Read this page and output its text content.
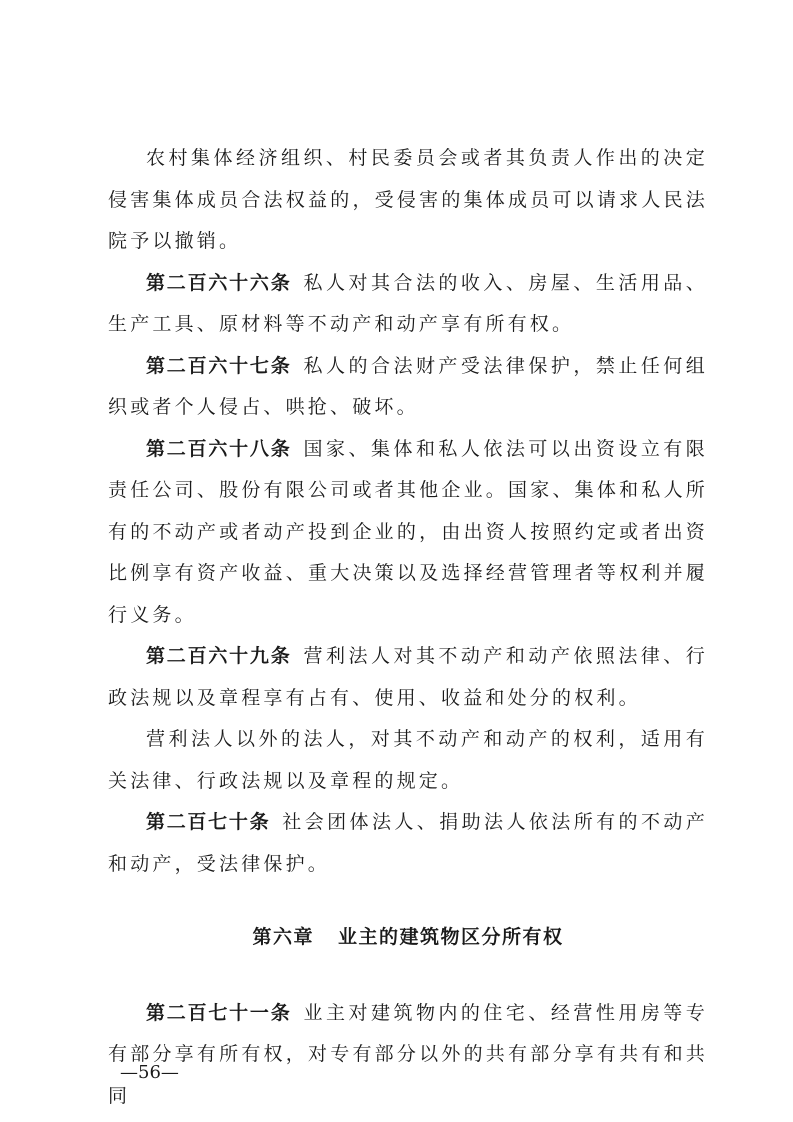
农村集体经济组织、村民委员会或者其负责人作出的决定侵害集体成员合法权益的，受侵害的集体成员可以请求人民法院予以撤销。

第二百六十六条 私人对其合法的收入、房屋、生活用品、生产工具、原材料等不动产和动产享有所有权。

第二百六十七条 私人的合法财产受法律保护，禁止任何组织或者个人侵占、哄抢、破坏。

第二百六十八条 国家、集体和私人依法可以出资设立有限责任公司、股份有限公司或者其他企业。国家、集体和私人所有的不动产或者动产投到企业的，由出资人按照约定或者出资比例享有资产收益、重大决策以及选择经营管理者等权利并履行义务。

第二百六十九条 营利法人对其不动产和动产依照法律、行政法规以及章程享有占有、使用、收益和处分的权利。

营利法人以外的法人，对其不动产和动产的权利，适用有关法律、行政法规以及章程的规定。

第二百七十条 社会团体法人、捐助法人依法所有的不动产和动产，受法律保护。

第六章 业主的建筑物区分所有权

第二百七十一条 业主对建筑物内的住宅、经营性用房等专有部分享有所有权，对专有部分以外的共有部分享有共有和共同

—56—
